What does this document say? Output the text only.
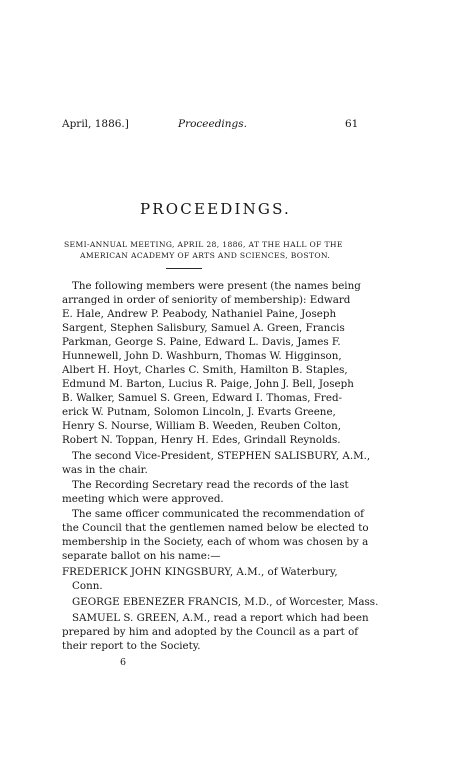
April, 1886.]	Proceedings.	61
PROCEEDINGS.
SEMI-ANNUAL MEETING, APRIL 28, 1886, AT THE HALL OF THE
AMERICAN ACADEMY OF ARTS AND SCIENCES, BOSTON.
The following members were present (the names being
arranged in order of seniority of membership): Edward
E. Hale, Andrew P. Peabody, Nathaniel Paine, Joseph
Sargent, Stephen Salisbury, Samuel A. Green, Francis
Parkman, George S. Paine, Edward L. Davis, James F.
Hunnewell, John D. Washburn, Thomas W. Higginson,
Albert H. Hoyt, Charles C. Smith, Hamilton B. Staples,
Edmund M. Barton, Lucius R. Paige, John J. Bell, Joseph
B. Walker, Samuel S. Green, Edward I. Thomas, Fred-
erick W. Putnam, Solomon Lincoln, J. Evarts Greene,
Henry S. Nourse, William B. Weeden, Reuben Colton,
Robert N. Toppan, Henry H. Edes, Grindall Reynolds.
The second Vice-President, STEPHEN SALISBURY, A.M.,
was in the chair.
The Recording Secretary read the records of the last
meeting which were approved.
The same officer communicated the recommendation of
the Council that the gentlemen named below be elected to
membership in the Society, each of whom was chosen by a
separate ballot on his name:—
FREDERICK JOHN KINGSBURY, A.M., of Waterbury,
Conn.
GEORGE EBENEZER FRANCIS, M.D., of Worcester, Mass.
SAMUEL S. GREEN, A.M., read a report which had been
prepared by him and adopted by the Council as a part of
their report to the Society.
6
